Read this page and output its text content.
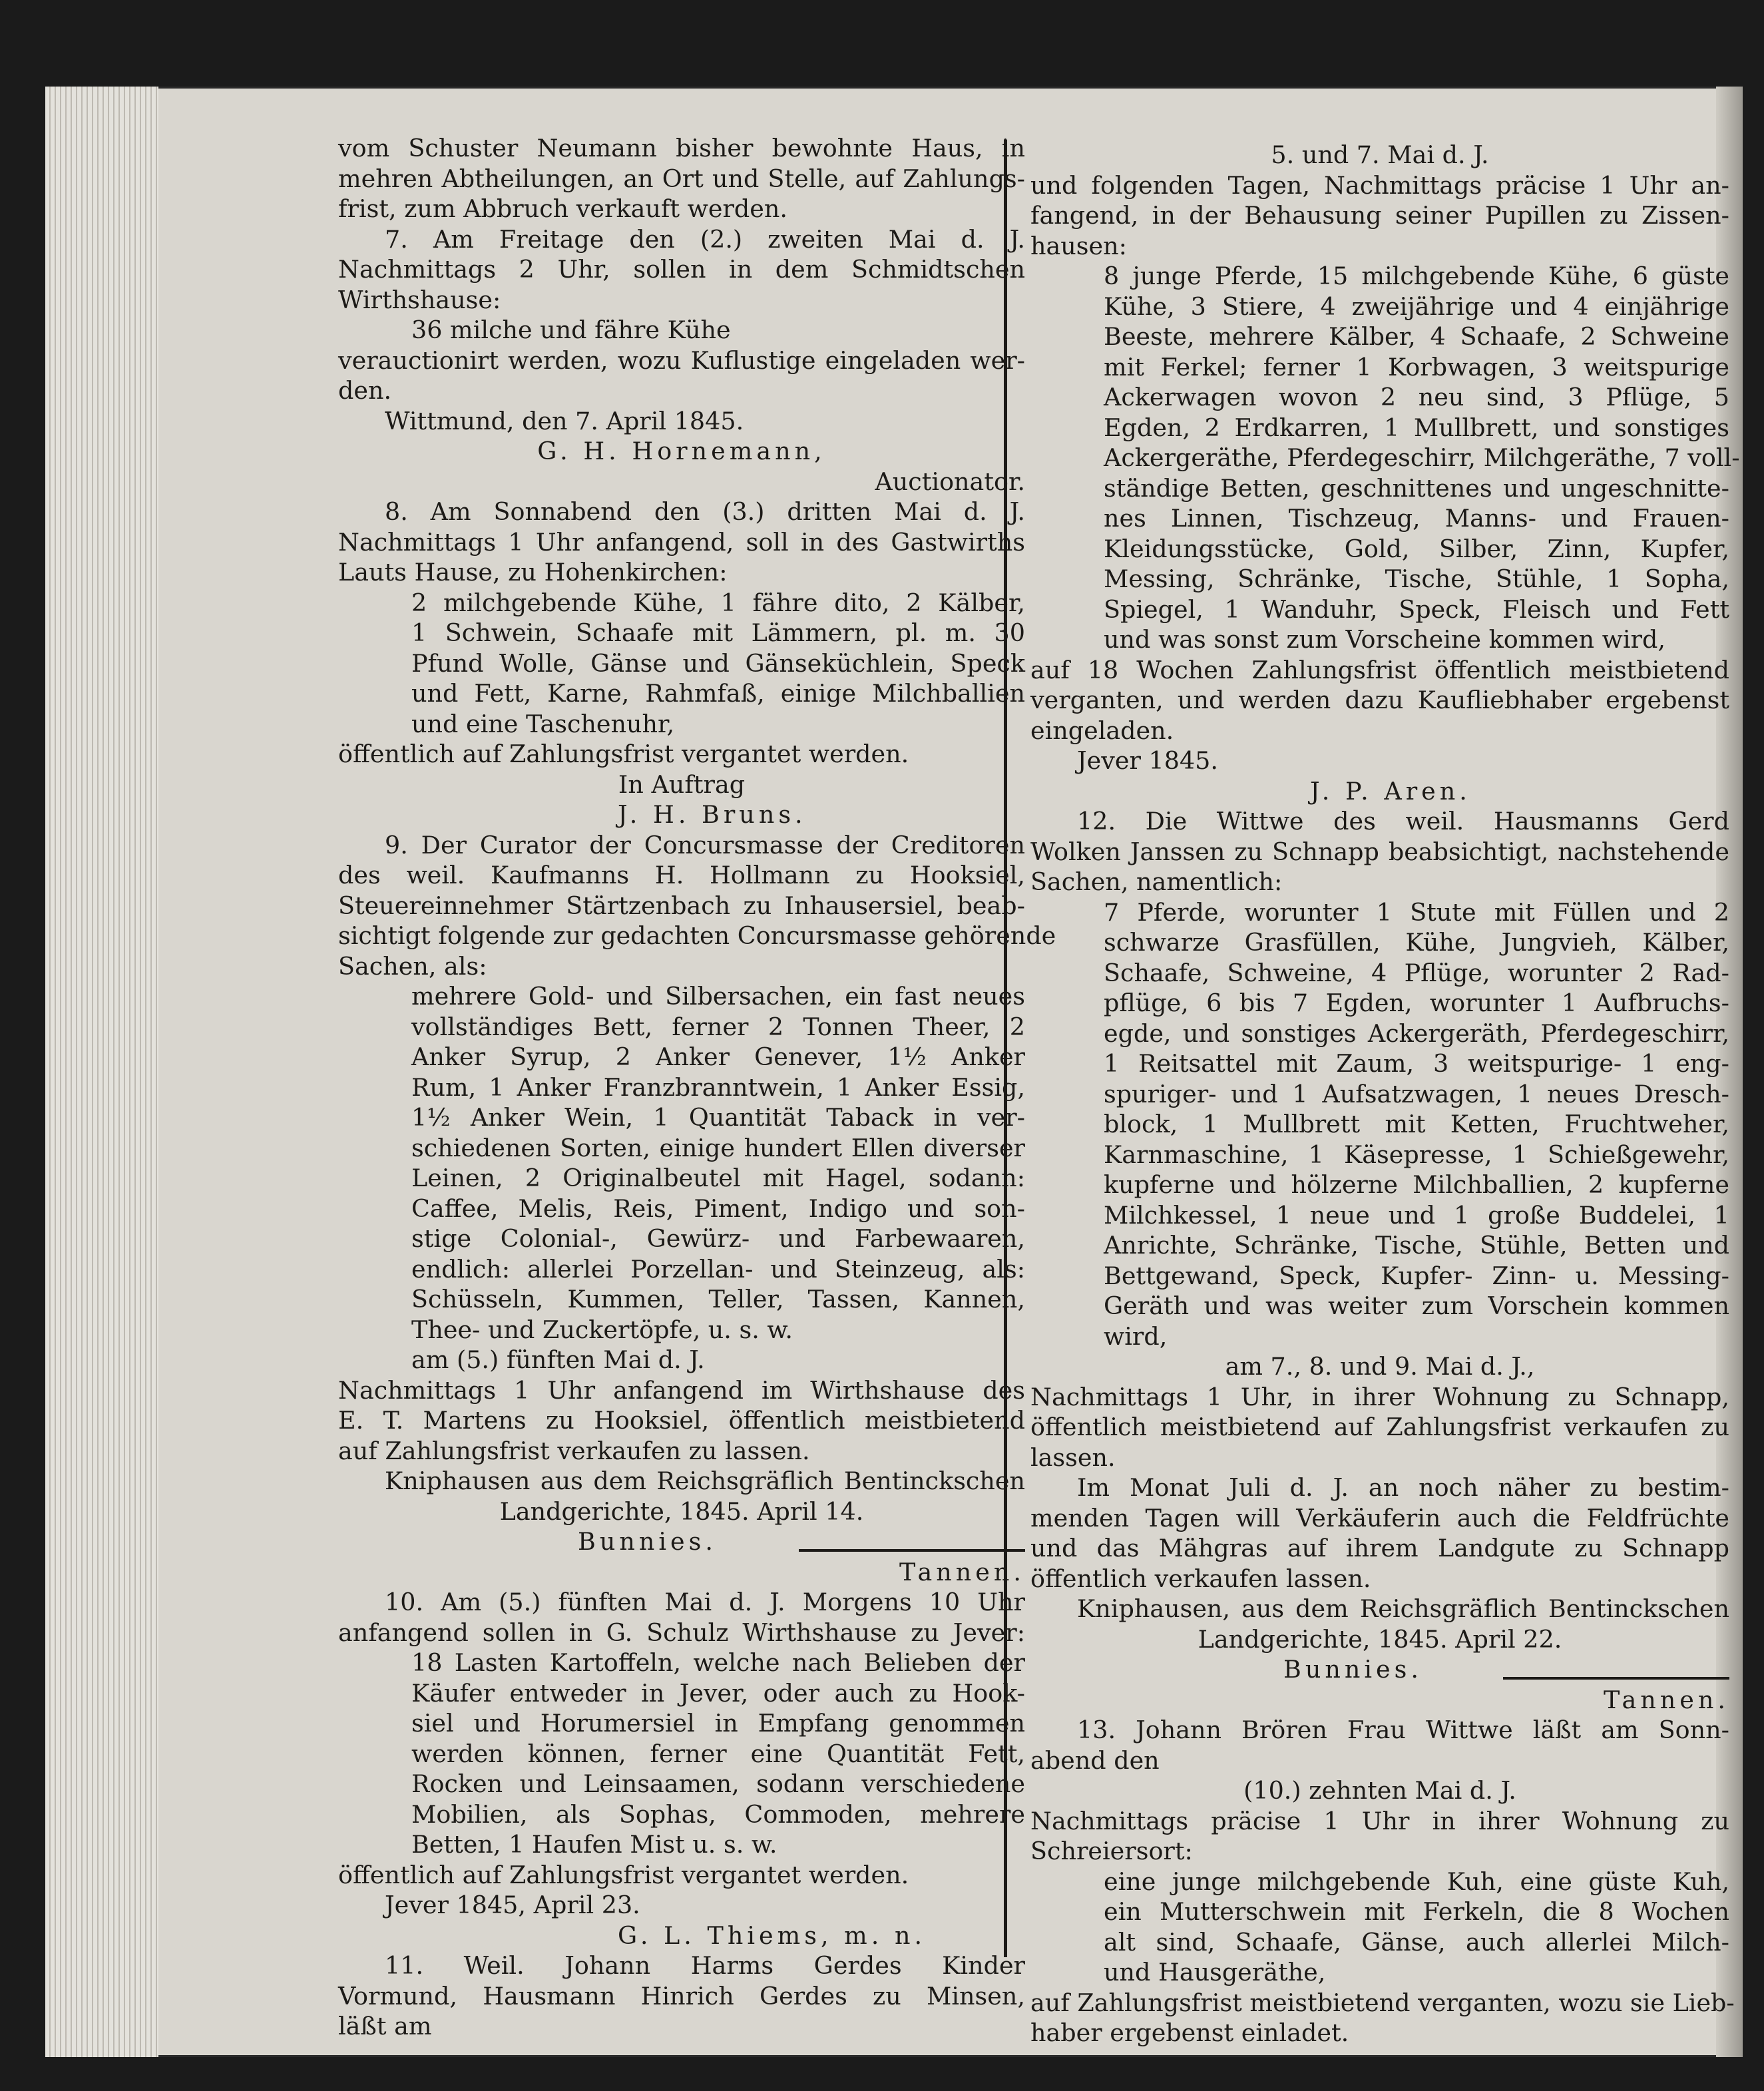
vom Schuster Neumann bisher bewohnte Haus, in
mehren Abtheilungen, an Ort und Stelle, auf Zahlungs-
frist, zum Abbruch verkauft werden.
7. Am Freitage den (2.) zweiten Mai d. J.
Nachmittags 2 Uhr, sollen in dem Schmidtschen
Wirthshause:
36 milche und fähre Kühe
verauctionirt werden, wozu Kuflustige eingeladen wer-
den.
Wittmund, den 7. April 1845.
G. H. Hornemann,
Auctionator.
8. Am Sonnabend den (3.) dritten Mai d. J.
Nachmittags 1 Uhr anfangend, soll in des Gastwirths
Lauts Hause, zu Hohenkirchen:
2 milchgebende Kühe, 1 fähre dito, 2 Kälber,
1 Schwein, Schaafe mit Lämmern, pl. m. 30
Pfund Wolle, Gänse und Gänseküchlein, Speck
und Fett, Karne, Rahmfaß, einige Milchballien
und eine Taschenuhr,
öffentlich auf Zahlungsfrist vergantet werden.
In Auftrag
J. H. Bruns.
9. Der Curator der Concursmasse der Creditoren
des weil. Kaufmanns H. Hollmann zu Hooksiel,
Steuereinnehmer Stärtzenbach zu Inhausersiel, beab-
sichtigt folgende zur gedachten Concursmasse gehörende
Sachen, als:
mehrere Gold- und Silbersachen, ein fast neues
vollständiges Bett, ferner 2 Tonnen Theer, 2
Anker Syrup, 2 Anker Genever, 1½ Anker
Rum, 1 Anker Franzbranntwein, 1 Anker Essig,
1½ Anker Wein, 1 Quantität Taback in ver-
schiedenen Sorten, einige hundert Ellen diverser
Leinen, 2 Originalbeutel mit Hagel, sodann:
Caffee, Melis, Reis, Piment, Indigo und son-
stige Colonial-, Gewürz- und Farbewaaren,
endlich: allerlei Porzellan- und Steinzeug, als:
Schüsseln, Kummen, Teller, Tassen, Kannen,
Thee- und Zuckertöpfe, u. s. w.
am (5.) fünften Mai d. J.
Nachmittags 1 Uhr anfangend im Wirthshause des
E. T. Martens zu Hooksiel, öffentlich meistbietend
auf Zahlungsfrist verkaufen zu lassen.
Kniphausen aus dem Reichsgräflich Bentinckschen
Landgerichte, 1845. April 14.
Bunnies.
Tannen.
10. Am (5.) fünften Mai d. J. Morgens 10 Uhr
anfangend sollen in G. Schulz Wirthshause zu Jever:
18 Lasten Kartoffeln, welche nach Belieben der
Käufer entweder in Jever, oder auch zu Hook-
siel und Horumersiel in Empfang genommen
werden können, ferner eine Quantität Fett,
Rocken und Leinsaamen, sodann verschiedene
Mobilien, als Sophas, Commoden, mehrere
Betten, 1 Haufen Mist u. s. w.
öffentlich auf Zahlungsfrist vergantet werden.
Jever 1845, April 23.
G. L. Thiems, m. n.
11. Weil. Johann Harms Gerdes Kinder
Vormund, Hausmann Hinrich Gerdes zu Minsen,
läßt am
5. und 7. Mai d. J.
und folgenden Tagen, Nachmittags präcise 1 Uhr an-
fangend, in der Behausung seiner Pupillen zu Zissen-
hausen:
8 junge Pferde, 15 milchgebende Kühe, 6 güste
Kühe, 3 Stiere, 4 zweijährige und 4 einjährige
Beeste, mehrere Kälber, 4 Schaafe, 2 Schweine
mit Ferkel; ferner 1 Korbwagen, 3 weitspurige
Ackerwagen wovon 2 neu sind, 3 Pflüge, 5
Egden, 2 Erdkarren, 1 Mullbrett, und sonstiges
Ackergeräthe, Pferdegeschirr, Milchgeräthe, 7 voll-
ständige Betten, geschnittenes und ungeschnitte-
nes Linnen, Tischzeug, Manns- und Frauen-
Kleidungsstücke, Gold, Silber, Zinn, Kupfer,
Messing, Schränke, Tische, Stühle, 1 Sopha,
Spiegel, 1 Wanduhr, Speck, Fleisch und Fett
und was sonst zum Vorscheine kommen wird,
auf 18 Wochen Zahlungsfrist öffentlich meistbietend
verganten, und werden dazu Kaufliebhaber ergebenst
eingeladen.
Jever 1845.
J. P. Aren.
12. Die Wittwe des weil. Hausmanns Gerd
Wolken Janssen zu Schnapp beabsichtigt, nachstehende
Sachen, namentlich:
7 Pferde, worunter 1 Stute mit Füllen und 2
schwarze Grasfüllen, Kühe, Jungvieh, Kälber,
Schaafe, Schweine, 4 Pflüge, worunter 2 Rad-
pflüge, 6 bis 7 Egden, worunter 1 Aufbruchs-
egde, und sonstiges Ackergeräth, Pferdegeschirr,
1 Reitsattel mit Zaum, 3 weitspurige- 1 eng-
spuriger- und 1 Aufsatzwagen, 1 neues Dresch-
block, 1 Mullbrett mit Ketten, Fruchtweher,
Karnmaschine, 1 Käsepresse, 1 Schießgewehr,
kupferne und hölzerne Milchballien, 2 kupferne
Milchkessel, 1 neue und 1 große Buddelei, 1
Anrichte, Schränke, Tische, Stühle, Betten und
Bettgewand, Speck, Kupfer- Zinn- u. Messing-
Geräth und was weiter zum Vorschein kommen
wird,
am 7., 8. und 9. Mai d. J.,
Nachmittags 1 Uhr, in ihrer Wohnung zu Schnapp,
öffentlich meistbietend auf Zahlungsfrist verkaufen zu
lassen.
Im Monat Juli d. J. an noch näher zu bestim-
menden Tagen will Verkäuferin auch die Feldfrüchte
und das Mähgras auf ihrem Landgute zu Schnapp
öffentlich verkaufen lassen.
Kniphausen, aus dem Reichsgräflich Bentinckschen
Landgerichte, 1845. April 22.
Bunnies.
Tannen.
13. Johann Brören Frau Wittwe läßt am Sonn-
abend den
(10.) zehnten Mai d. J.
Nachmittags präcise 1 Uhr in ihrer Wohnung zu
Schreiersort:
eine junge milchgebende Kuh, eine güste Kuh,
ein Mutterschwein mit Ferkeln, die 8 Wochen
alt sind, Schaafe, Gänse, auch allerlei Milch-
und Hausgeräthe,
auf Zahlungsfrist meistbietend verganten, wozu sie Lieb-
haber ergebenst einladet.
